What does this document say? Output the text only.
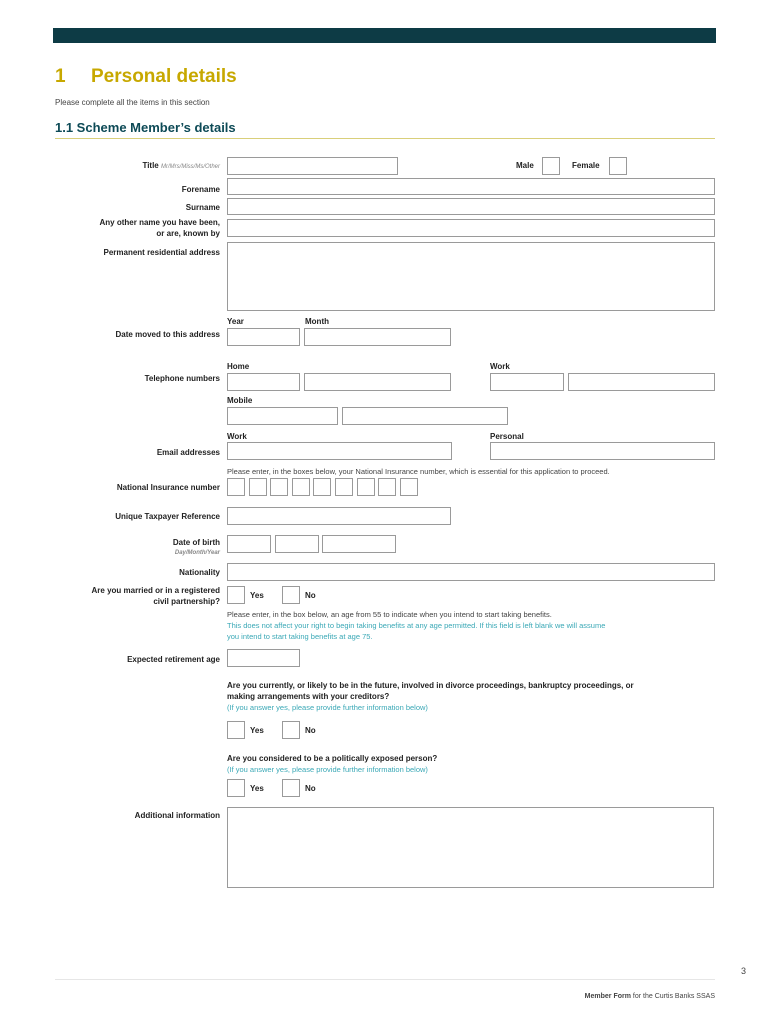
1 Personal details
Please complete all the items in this section
1.1 Scheme Member’s details
Title Mr/Mrs/Miss/Ms/Other	Male	Female
Forename
Surname
Any other name you have been,
or are, known by
Permanent residential address
Year	Month
Date moved to this address
Home	Work
Telephone numbers
Mobile
Work	Personal
Email addresses
Please enter, in the boxes below, your National Insurance number, which is essential for this application to proceed.
National Insurance number
Unique Taxpayer Reference
Date of birth
Day/Month/Year
Nationality
Are you married or in a registered
civil partnership?
Yes	No
Please enter, in the box below, an age from 55 to indicate when you intend to start taking benefits.
This does not affect your right to begin taking benefits at any age permitted. If this field is left blank we will assume
you intend to start taking benefits at age 75.
Expected retirement age
Are you currently, or likely to be in the future, involved in divorce proceedings, bankruptcy proceedings, or
making arrangements with your creditors?
(If you answer yes, please provide further information below)
Yes	No
Are you considered to be a politically exposed person?
(If you answer yes, please provide further information below)
Yes	No
Additional information
3
Member Form for the Curtis Banks SSAS
